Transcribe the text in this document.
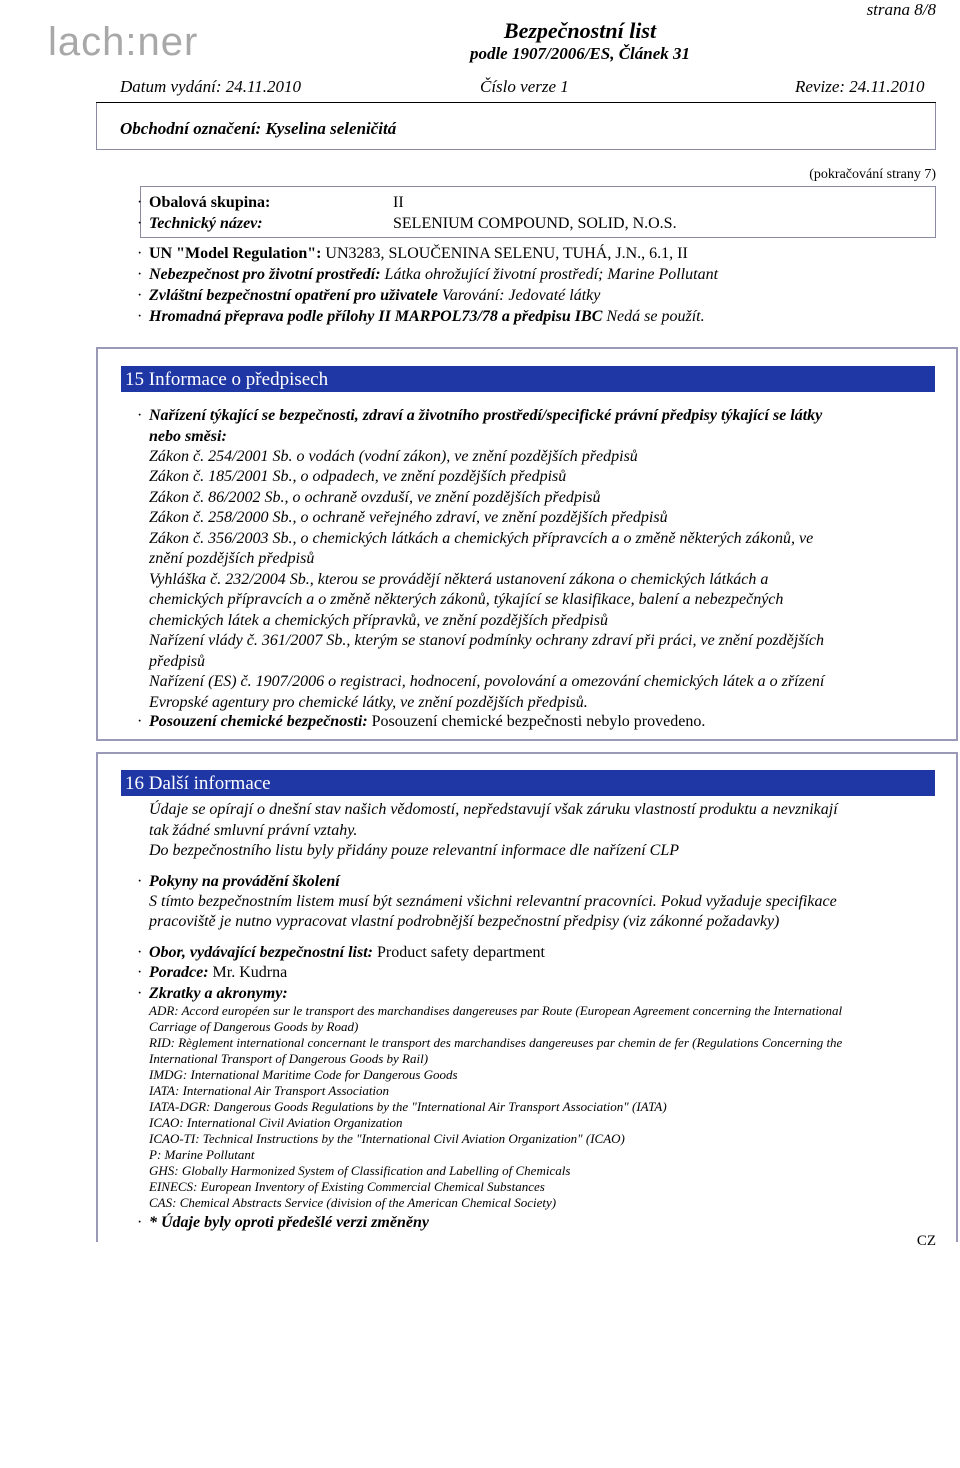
lach:ner
strana 8/8
Bezpečnostní list
podle 1907/2006/ES, Článek 31
Datum vydání: 24.11.2010	Číslo verze 1	Revize: 24.11.2010
Obchodní označení: Kyselina seleničitá
(pokračování strany 7)
· Obalová skupina:	II
· Technický název:	SELENIUM COMPOUND, SOLID, N.O.S.
· UN "Model Regulation": UN3283, SLOUČENINA SELENU, TUHÁ, J.N., 6.1, II
· Nebezpečnost pro životní prostředí: Látka ohrožující životní prostředí; Marine Pollutant
· Zvláštní bezpečnostní opatření pro uživatele Varování: Jedovaté látky
· Hromadná přeprava podle přílohy II MARPOL73/78 a předpisu IBC Nedá se použít.
15 Informace o předpisech
· Nařízení týkající se bezpečnosti, zdraví a životního prostředí/specifické právní předpisy týkající se látky
nebo směsi:
Zákon č. 254/2001 Sb. o vodách (vodní zákon), ve znění pozdějších předpisů
Zákon č. 185/2001 Sb., o odpadech, ve znění pozdějších předpisů
Zákon č. 86/2002 Sb., o ochraně ovzduší, ve znění pozdějších předpisů
Zákon č. 258/2000 Sb., o ochraně veřejného zdraví, ve znění pozdějších předpisů
Zákon č. 356/2003 Sb., o chemických látkách a chemických přípravcích a o změně některých zákonů, ve
znění pozdějších předpisů
Vyhláška č. 232/2004 Sb., kterou se provádějí některá ustanovení zákona o chemických látkách a
chemických přípravcích a o změně některých zákonů, týkající se klasifikace, balení a nebezpečných
chemických látek a chemických přípravků, ve znění pozdějších předpisů
Nařízení vlády č. 361/2007 Sb., kterým se stanoví podmínky ochrany zdraví při práci, ve znění pozdějších
předpisů
Nařízení (ES) č. 1907/2006 o registraci, hodnocení, povolování a omezování chemických látek a o zřízení
Evropské agentury pro chemické látky, ve znění pozdějších předpisů.
· Posouzení chemické bezpečnosti: Posouzení chemické bezpečnosti nebylo provedeno.
16 Další informace
Údaje se opírají o dnešní stav našich vědomostí, nepředstavují však záruku vlastností produktu a nevznikají
tak žádné smluvní právní vztahy.
Do bezpečnostního listu byly přidány pouze relevantní informace dle nařízení CLP
· Pokyny na provádění školení
S tímto bezpečnostním listem musí být seznámeni všichni relevantní pracovníci. Pokud vyžaduje specifikace
pracoviště je nutno vypracovat vlastní podrobnější bezpečnostní předpisy (viz zákonné požadavky)
· Obor, vydávající bezpečnostní list: Product safety department
· Poradce: Mr. Kudrna
· Zkratky a akronymy:
ADR: Accord européen sur le transport des marchandises dangereuses par Route (European Agreement concerning the International
Carriage of Dangerous Goods by Road)
RID: Règlement international concernant le transport des marchandises dangereuses par chemin de fer (Regulations Concerning the
International Transport of Dangerous Goods by Rail)
IMDG: International Maritime Code for Dangerous Goods
IATA: International Air Transport Association
IATA-DGR: Dangerous Goods Regulations by the "International Air Transport Association" (IATA)
ICAO: International Civil Aviation Organization
ICAO-TI: Technical Instructions by the "International Civil Aviation Organization" (ICAO)
P: Marine Pollutant
GHS: Globally Harmonized System of Classification and Labelling of Chemicals
EINECS: European Inventory of Existing Commercial Chemical Substances
CAS: Chemical Abstracts Service (division of the American Chemical Society)
· * Údaje byly oproti předešlé verzi změněny
CZ
